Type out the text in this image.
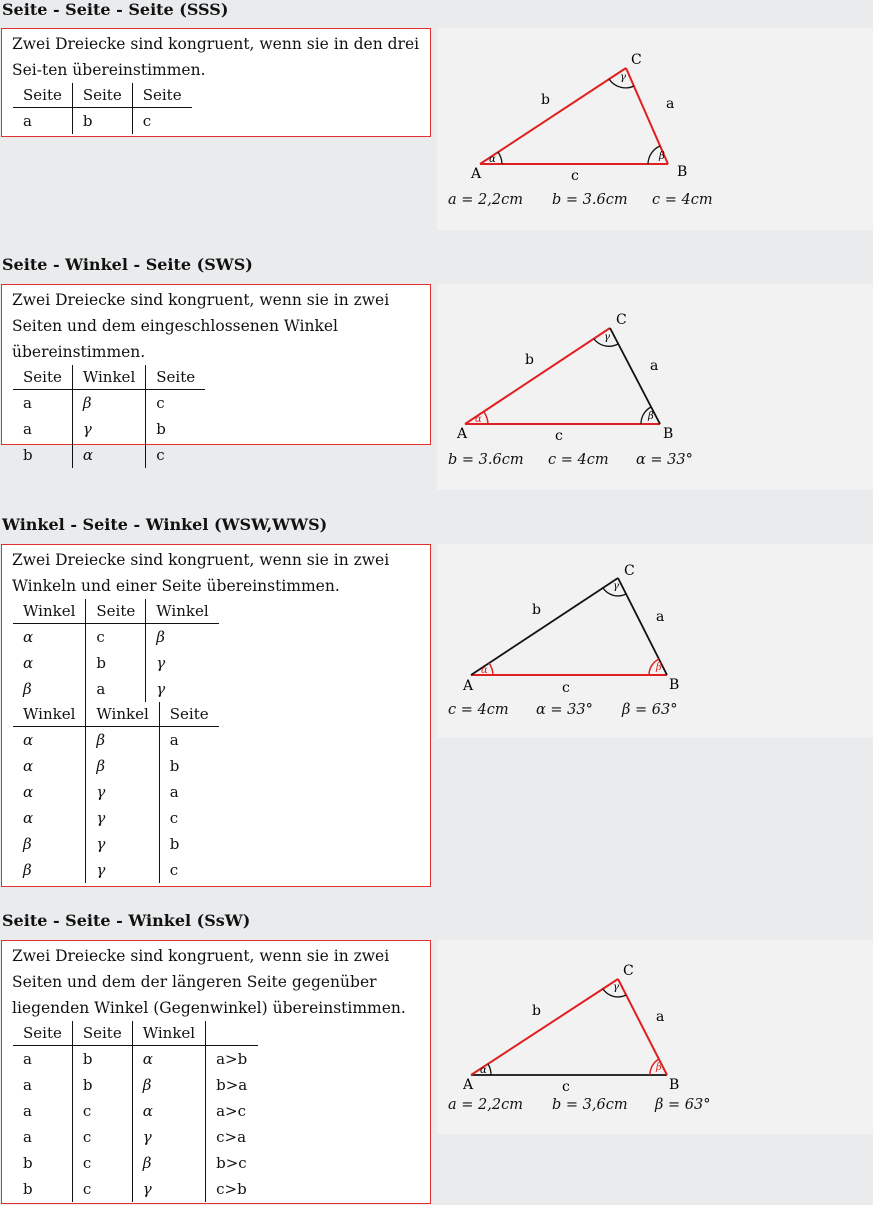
Seite - Seite - Seite (SSS)

Zwei Dreiecke sind kongruent, wenn sie in den drei Sei-ten übereinstimmen.

Seite	Seite	Seite
a	b	c
A	B
C
a
b
c
α	β
γ
a = 2,2cm b = 3.6cm c = 4cm
Seite - Winkel - Seite (SWS)

Zwei Dreiecke sind kongruent, wenn sie in zwei Seiten und dem eingeschlossenen Winkel übereinstimmen.

Seite	Winkel	Seite
a	β	c
a	γ	b
b	α	c
A	B
C
a
b
c
α	β
γ
b = 3.6cm c = 4cm α = 33°
Winkel - Seite - Winkel (WSW,WWS)

Zwei Dreiecke sind kongruent, wenn sie in zwei Winkeln und einer Seite übereinstimmen.

Winkel	Seite	Winkel
α	c	β
α	b	γ
β	a	γ
Winkel	Winkel	Seite
α	β	a
α	β	b
α	γ	a
α	γ	c
β	γ	b
β	γ	c
A	B
C
a
b
c
α	β
γ
c = 4cm α = 33° β = 63°
Seite - Seite - Winkel (SsW)

Zwei Dreiecke sind kongruent, wenn sie in zwei Seiten und dem der längeren Seite gegenüber liegenden Winkel (Gegenwinkel) übereinstimmen.

Seite	Seite	Winkel	
a	b	α	a>b
a	b	β	b>a
a	c	α	a>c
a	c	γ	c>a
b	c	β	b>c
b	c	γ	c>b
A	B
C
a
b
c
α	β
γ
a = 2,2cm b = 3,6cm β = 63°
